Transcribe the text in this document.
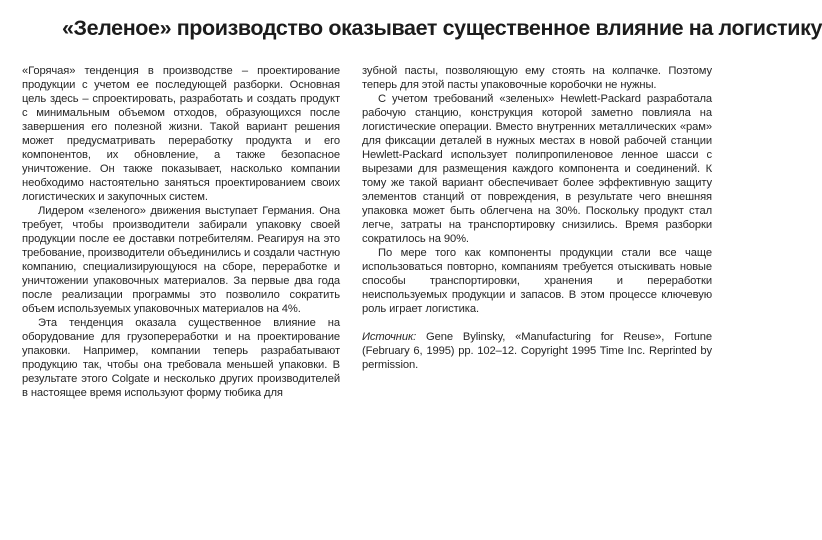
«Зеленое» производство оказывает существенное влияние на логистику

«Горячая» тенденция в производстве – проектирование продукции с учетом ее последующей разборки. Основная цель здесь – спроектировать, разработать и создать продукт с минимальным объемом отходов, образующихся после завершения его полезной жизни. Такой вариант решения может предусматривать переработку продукта и его компонентов, их обновление, а также безопасное уничтожение. Он также показывает, насколько компании необходимо настоятельно заняться проектированием своих логистических и закупочных систем.

Лидером «зеленого» движения выступает Германия. Она требует, чтобы производители забирали упаковку своей продукции после ее доставки потребителям. Реагируя на это требование, производители объединились и создали частную компанию, специализирующуюся на сборе, переработке и уничтожении упаковочных материалов. За первые два года после реализации программы это позволило сократить объем используемых упаковочных материалов на 4%.

Эта тенденция оказала существенное влияние на оборудование для грузопереработки и на проектирование упаковки. Например, компании теперь разрабатывают продукцию так, чтобы она требовала меньшей упаковки. В результате этого Colgate и несколько других производителей в настоящее время используют форму тюбика для

зубной пасты, позволяющую ему стоять на колпачке. Поэтому теперь для этой пасты упаковочные коробочки не нужны.

С учетом требований «зеленых» Hewlett-Packard разработала рабочую станцию, конструкция которой заметно повлияла на логистические операции. Вместо внутренних металлических «рам» для фиксации деталей в нужных местах в новой рабочей станции Hewlett-Packard использует полипропиленовое ленное шасси с вырезами для размещения каждого компонента и соединений. К тому же такой вариант обеспечивает более эффективную защиту элементов станций от повреждения, в результате чего внешняя упаковка может быть облегчена на 30%. Поскольку продукт стал легче, затраты на транспортировку снизились. Время разборки сократилось на 90%.

По мере того как компоненты продукции стали все чаще использоваться повторно, компаниям требуется отыскивать новые способы транспортировки, хранения и переработки неиспользуемых продукции и запасов. В этом процессе ключевую роль играет логистика.

Источник: Gene Bylinsky, «Manufacturing for Reuse», Fortune (February 6, 1995) pp. 102–12. Copyright 1995 Time Inc. Reprinted by permission.
